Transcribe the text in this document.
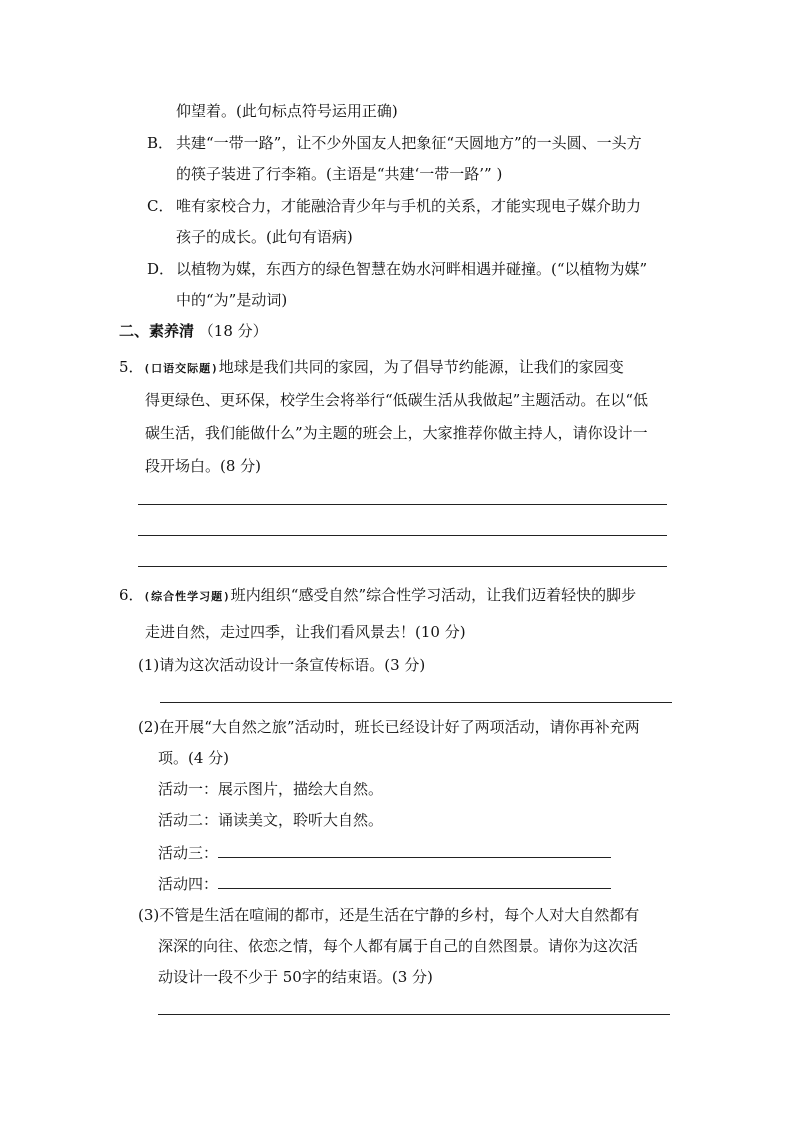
仰望着。(此句标点符号运用正确)
B． 共建“一带一路”，让不少外国友人把象征“天圆地方”的一头圆、一头方
的筷子装进了行李箱。(主语是“共建‘一带一路’” )
C． 唯有家校合力，才能融洽青少年与手机的关系，才能实现电子媒介助力
孩子的成长。(此句有语病)
D． 以植物为媒，东西方的绿色智慧在妫水河畔相遇并碰撞。(“以植物为媒”
中的“为”是动词)
二、素养清 （18 分）
5．(口语交际题)地球是我们共同的家园，为了倡导节约能源，让我们的家园变
得更绿色、更环保，校学生会将举行“低碳生活从我做起”主题活动。在以“低
碳生活，我们能做什么”为主题的班会上，大家推荐你做主持人，请你设计一
段开场白。(8 分)
6．(综合性学习题)班内组织“感受自然”综合性学习活动，让我们迈着轻快的脚步
走进自然，走过四季，让我们看风景去！(10 分)
(1)请为这次活动设计一条宣传标语。(3 分)
(2)在开展“大自然之旅”活动时，班长已经设计好了两项活动，请你再补充两
项。(4 分)
活动一：展示图片，描绘大自然。
活动二：诵读美文，聆听大自然。
活动三：
活动四：
(3)不管是生活在喧闹的都市，还是生活在宁静的乡村，每个人对大自然都有
深深的向往、依恋之情，每个人都有属于自己的自然图景。请你为这次活
动设计一段不少于 50字的结束语。(3 分)
